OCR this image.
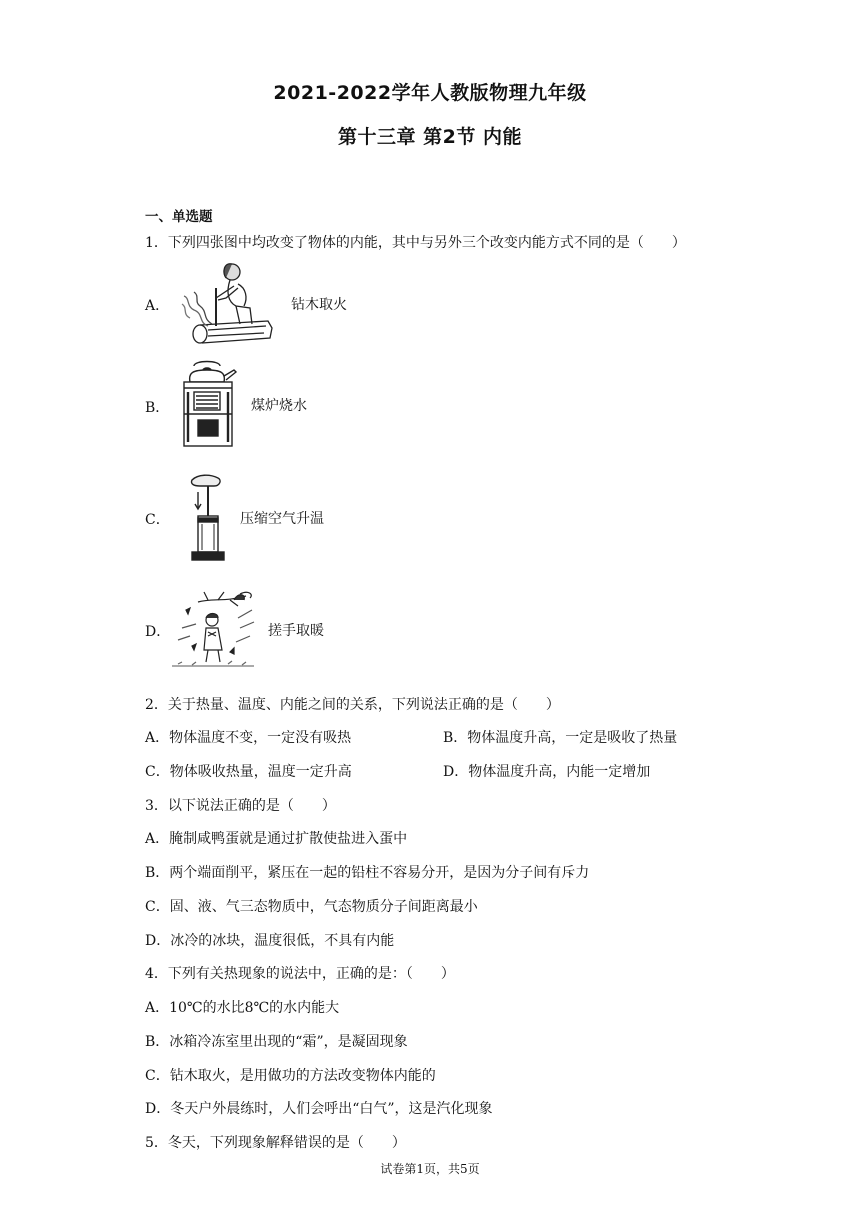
2021-2022学年人教版物理九年级
第十三章 第2节 内能
一、单选题
1．下列四张图中均改变了物体的内能，其中与另外三个改变内能方式不同的是（　　）
A．	钻木取火
B．	煤炉烧水
C．	压缩空气升温
D．	搓手取暖
2．关于热量、温度、内能之间的关系，下列说法正确的是（　　）
A．物体温度不变，一定没有吸热	B．物体温度升高，一定是吸收了热量
C．物体吸收热量，温度一定升高	D．物体温度升高，内能一定增加
3．以下说法正确的是（　　）
A．腌制咸鸭蛋就是通过扩散使盐进入蛋中
B．两个端面削平，紧压在一起的铅柱不容易分开，是因为分子间有斥力
C．固、液、气三态物质中，气态物质分子间距离最小
D．冰冷的冰块，温度很低，不具有内能
4．下列有关热现象的说法中，正确的是：（　　）
A．10℃的水比8℃的水内能大
B．冰箱冷冻室里出现的“霜”，是凝固现象
C．钻木取火，是用做功的方法改变物体内能的
D．冬天户外晨练时，人们会呼出“白气”，这是汽化现象
5．冬天，下列现象解释错误的是（　　）
试卷第1页，共5页
